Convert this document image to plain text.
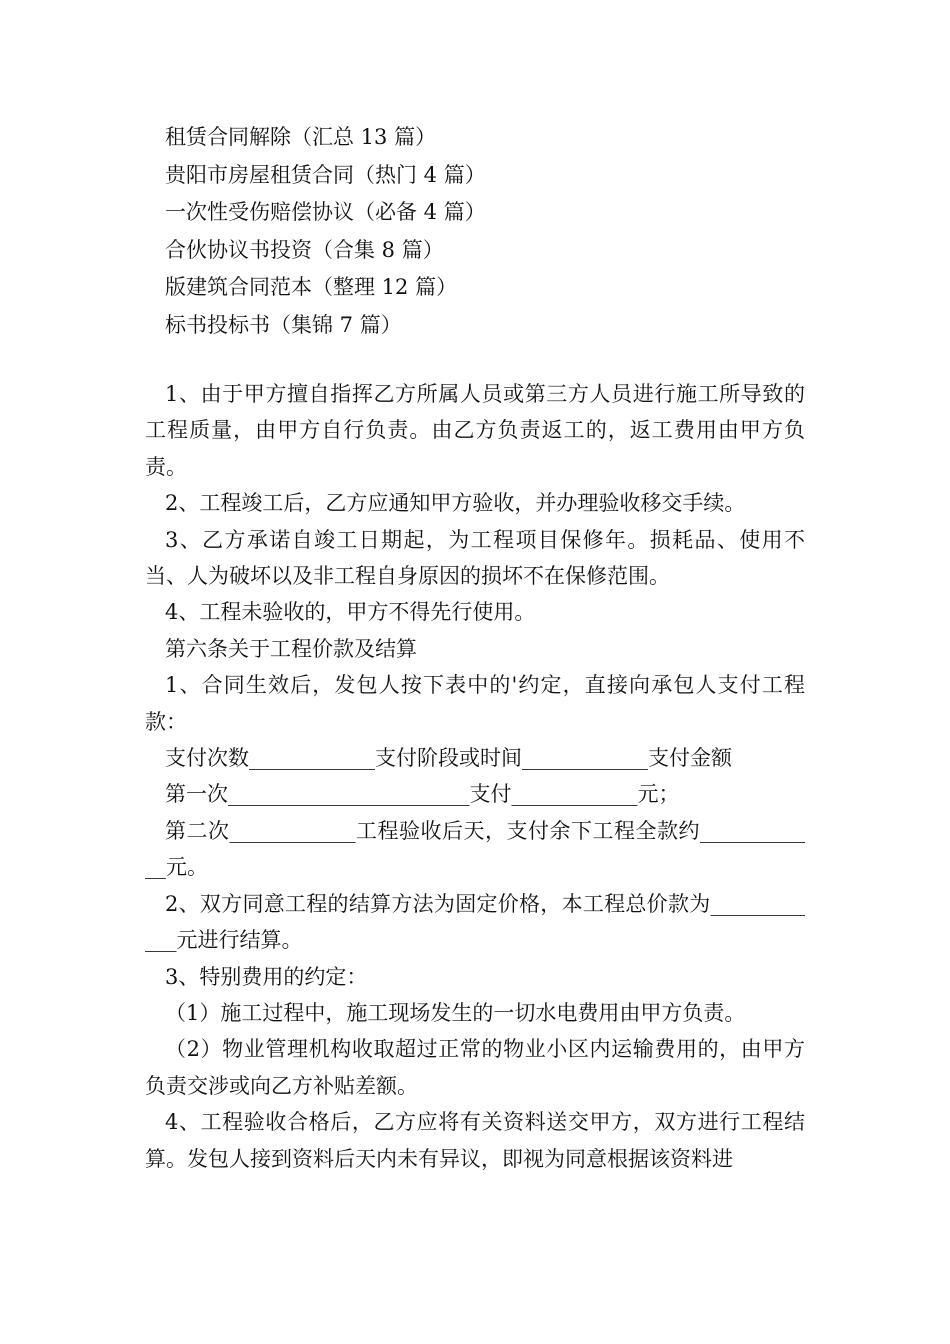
租赁合同解除（汇总 13 篇）
贵阳市房屋租赁合同（热门 4 篇）
一次性受伤赔偿协议（必备 4 篇）
合伙协议书投资（合集 8 篇）
版建筑合同范本（整理 12 篇）
标书投标书（集锦 7 篇）

1、由于甲方擅自指挥乙方所属人员或第三方人员进行施工所导致的工程质量，由甲方自行负责。由乙方负责返工的，返工费用由甲方负责。

2、工程竣工后，乙方应通知甲方验收，并办理验收移交手续。

3、乙方承诺自竣工日期起，为工程项目保修年。损耗品、使用不当、人为破坏以及非工程自身原因的损坏不在保修范围。

4、工程未验收的，甲方不得先行使用。

第六条关于工程价款及结算

1、合同生效后，发包人按下表中的'约定，直接向承包人支付工程款：

支付次数____________支付阶段或时间____________支付金额

第一次_______________________支付____________元；

第二次____________工程验收后天，支付余下工程全款约____________元。

2、双方同意工程的结算方法为固定价格，本工程总价款为____________元进行结算。

3、特别费用的约定：

（1）施工过程中，施工现场发生的一切水电费用由甲方负责。

（2）物业管理机构收取超过正常的物业小区内运输费用的，由甲方负责交涉或向乙方补贴差额。

4、工程验收合格后，乙方应将有关资料送交甲方，双方进行工程结算。发包人接到资料后天内未有异议，即视为同意根据该资料进
